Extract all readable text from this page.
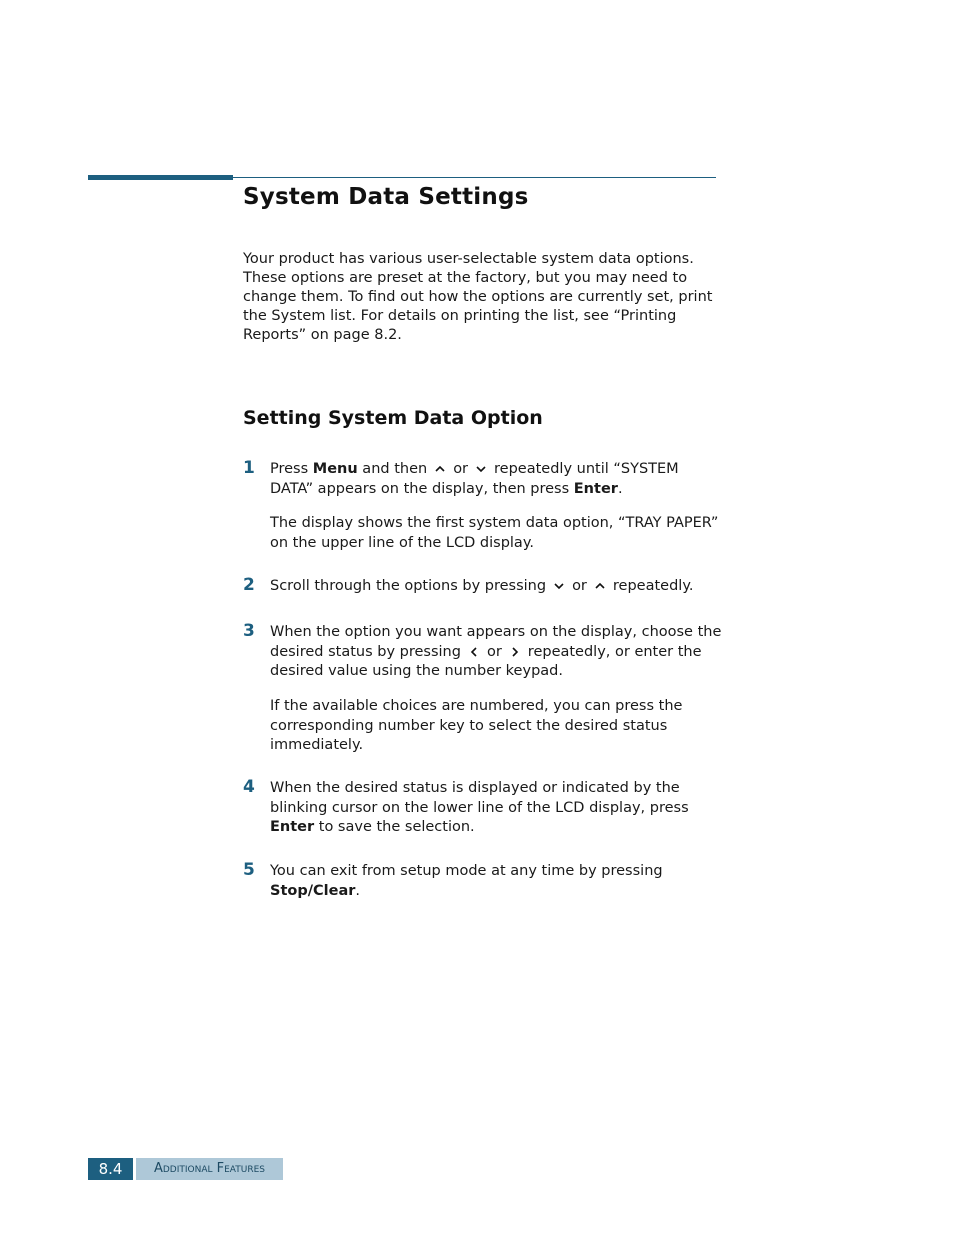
System Data Settings

Your product has various user-selectable system data options. These options are preset at the factory, but you may need to change them. To find out how the options are currently set, print the System list. For details on printing the list, see “Printing Reports” on page 8.2.

Setting System Data Option
1 Press Menu and then or repeatedly until “SYSTEM DATA” appears on the display, then press Enter.

The display shows the first system data option, “TRAY PAPER” on the upper line of the LCD display.

2 Scroll through the options by pressing or repeatedly.

3 When the option you want appears on the display, choose the desired status by pressing or repeatedly, or enter the desired value using the number keypad.

If the available choices are numbered, you can press the corresponding number key to select the desired status immediately.

4 When the desired status is displayed or indicated by the blinking cursor on the lower line of the LCD display, press Enter to save the selection.

5 You can exit from setup mode at any time by pressing Stop/Clear.

8.4	Additional Features
